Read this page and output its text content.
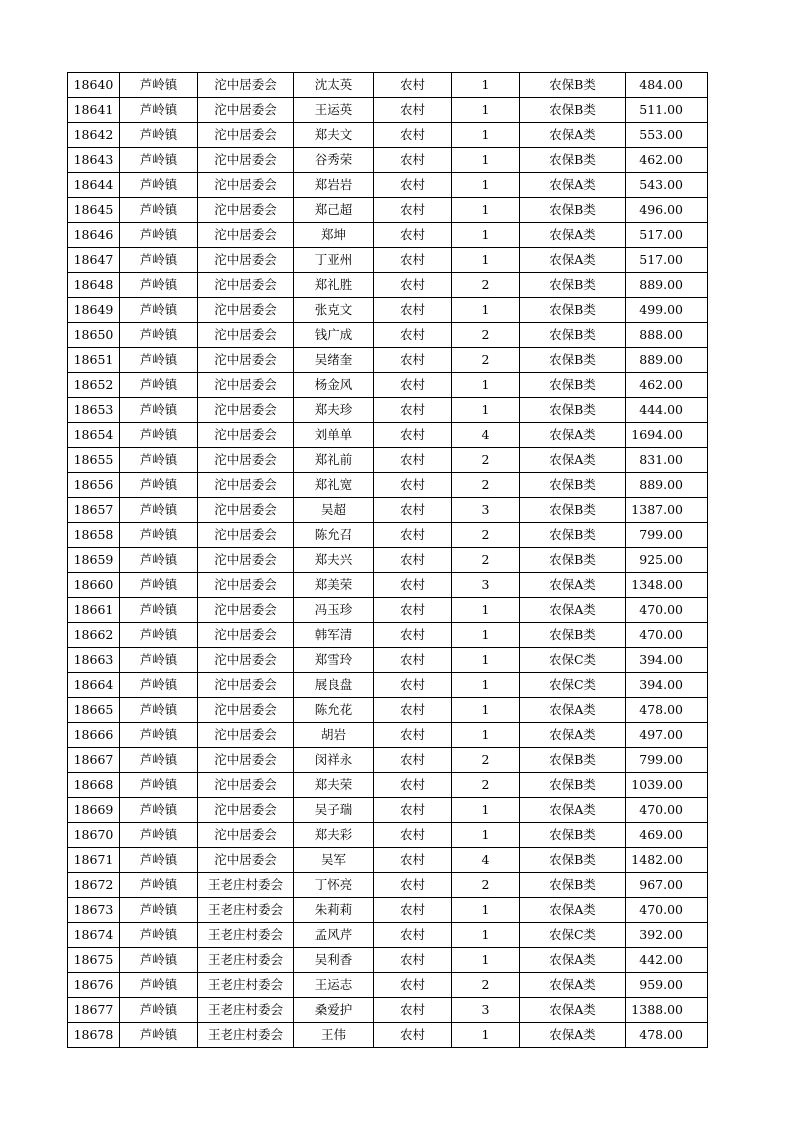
18640	芦岭镇	沱中居委会	沈太英	农村	1	农保B类	484.00
18641	芦岭镇	沱中居委会	王运英	农村	1	农保B类	511.00
18642	芦岭镇	沱中居委会	郑夫文	农村	1	农保A类	553.00
18643	芦岭镇	沱中居委会	谷秀荣	农村	1	农保B类	462.00
18644	芦岭镇	沱中居委会	郑岩岩	农村	1	农保A类	543.00
18645	芦岭镇	沱中居委会	郑己超	农村	1	农保B类	496.00
18646	芦岭镇	沱中居委会	郑坤	农村	1	农保A类	517.00
18647	芦岭镇	沱中居委会	丁亚州	农村	1	农保A类	517.00
18648	芦岭镇	沱中居委会	郑礼胜	农村	2	农保B类	889.00
18649	芦岭镇	沱中居委会	张克文	农村	1	农保B类	499.00
18650	芦岭镇	沱中居委会	钱广成	农村	2	农保B类	888.00
18651	芦岭镇	沱中居委会	吴绪奎	农村	2	农保B类	889.00
18652	芦岭镇	沱中居委会	杨金风	农村	1	农保B类	462.00
18653	芦岭镇	沱中居委会	郑夫珍	农村	1	农保B类	444.00
18654	芦岭镇	沱中居委会	刘单单	农村	4	农保A类	1694.00
18655	芦岭镇	沱中居委会	郑礼前	农村	2	农保A类	831.00
18656	芦岭镇	沱中居委会	郑礼宽	农村	2	农保B类	889.00
18657	芦岭镇	沱中居委会	吴超	农村	3	农保B类	1387.00
18658	芦岭镇	沱中居委会	陈允召	农村	2	农保B类	799.00
18659	芦岭镇	沱中居委会	郑夫兴	农村	2	农保B类	925.00
18660	芦岭镇	沱中居委会	郑美荣	农村	3	农保A类	1348.00
18661	芦岭镇	沱中居委会	冯玉珍	农村	1	农保A类	470.00
18662	芦岭镇	沱中居委会	韩军清	农村	1	农保B类	470.00
18663	芦岭镇	沱中居委会	郑雪玲	农村	1	农保C类	394.00
18664	芦岭镇	沱中居委会	展良盘	农村	1	农保C类	394.00
18665	芦岭镇	沱中居委会	陈允花	农村	1	农保A类	478.00
18666	芦岭镇	沱中居委会	胡岩	农村	1	农保A类	497.00
18667	芦岭镇	沱中居委会	闵祥永	农村	2	农保B类	799.00
18668	芦岭镇	沱中居委会	郑夫荣	农村	2	农保B类	1039.00
18669	芦岭镇	沱中居委会	吴子瑞	农村	1	农保A类	470.00
18670	芦岭镇	沱中居委会	郑夫彩	农村	1	农保B类	469.00
18671	芦岭镇	沱中居委会	吴军	农村	4	农保B类	1482.00
18672	芦岭镇	王老庄村委会	丁怀亮	农村	2	农保B类	967.00
18673	芦岭镇	王老庄村委会	朱莉莉	农村	1	农保A类	470.00
18674	芦岭镇	王老庄村委会	孟风芹	农村	1	农保C类	392.00
18675	芦岭镇	王老庄村委会	吴利香	农村	1	农保A类	442.00
18676	芦岭镇	王老庄村委会	王运志	农村	2	农保A类	959.00
18677	芦岭镇	王老庄村委会	桑爱护	农村	3	农保A类	1388.00
18678	芦岭镇	王老庄村委会	王伟	农村	1	农保A类	478.00
